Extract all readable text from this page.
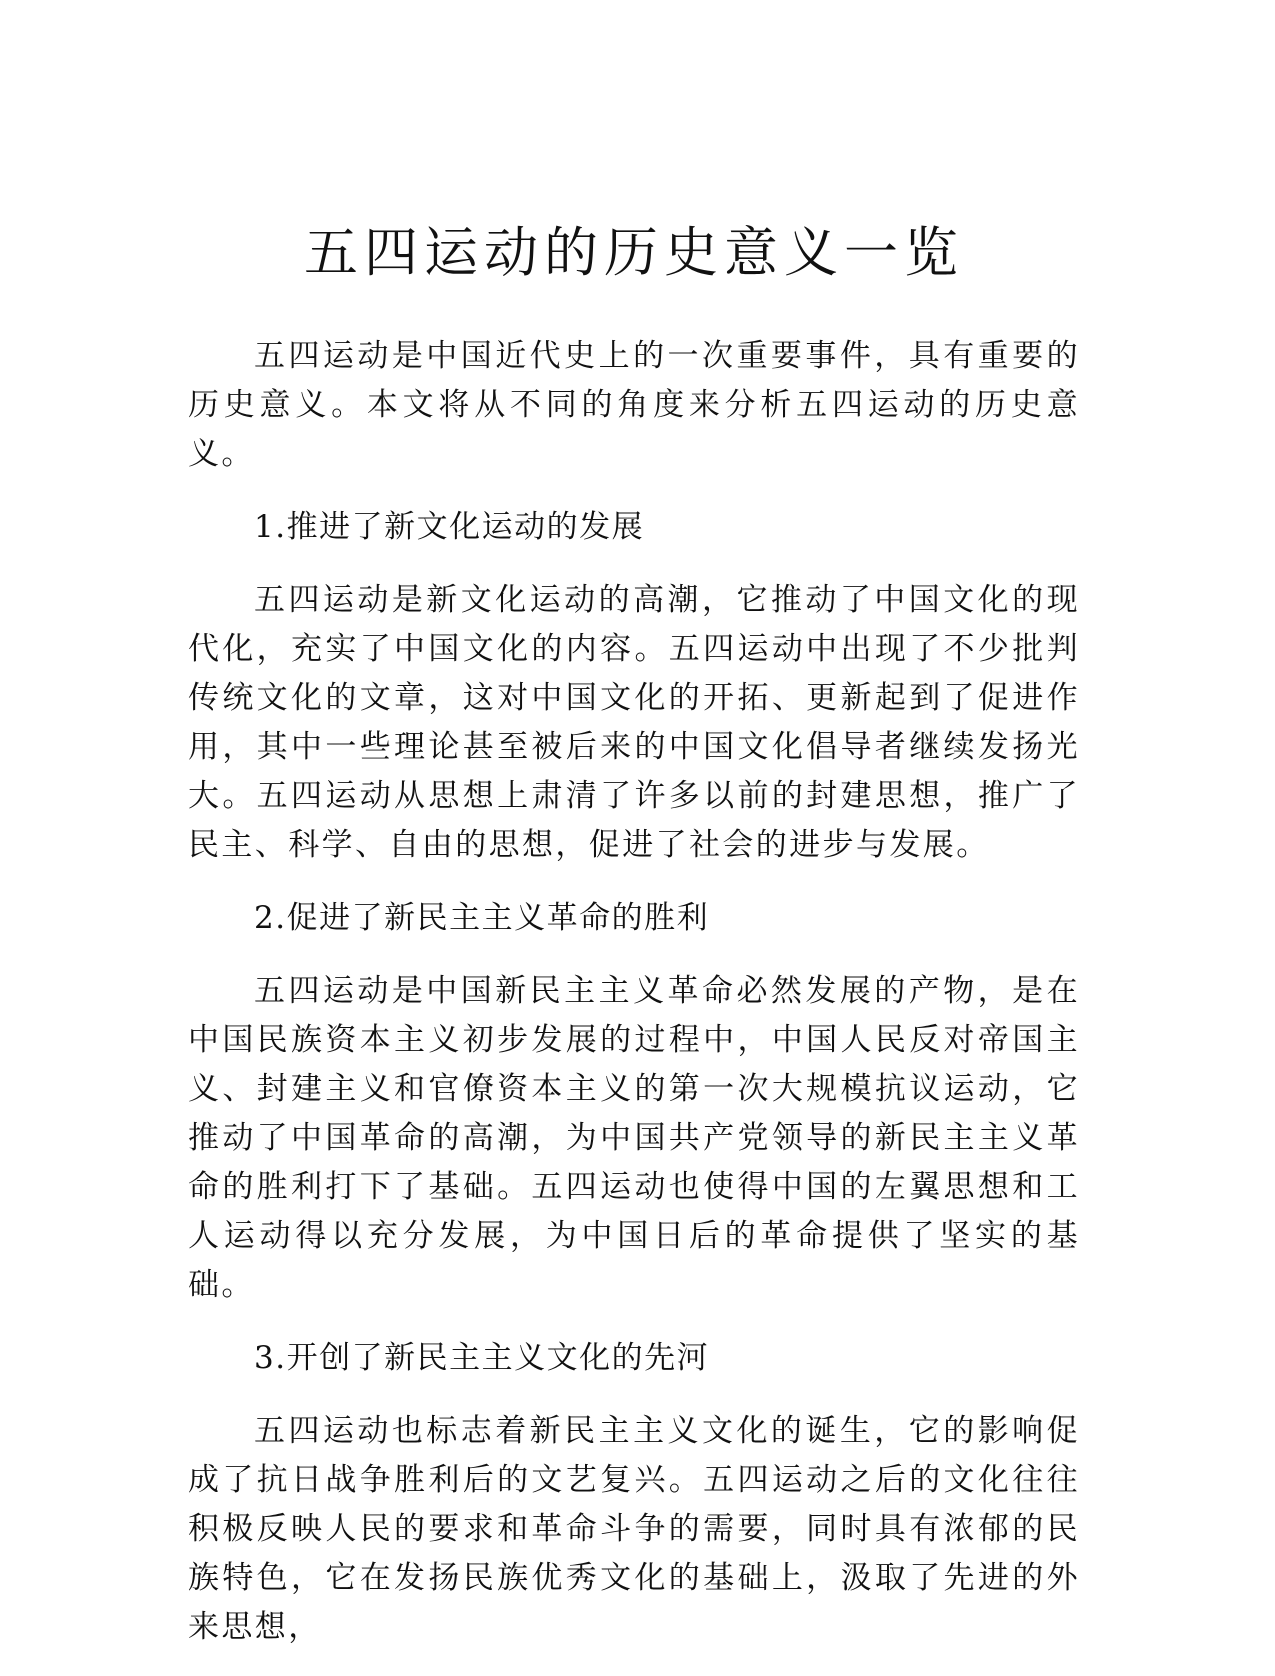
五四运动的历史意义一览

五四运动是中国近代史上的一次重要事件，具有重要的历史意义。本文将从不同的角度来分析五四运动的历史意义。

1.推进了新文化运动的发展

五四运动是新文化运动的高潮，它推动了中国文化的现代化，充实了中国文化的内容。五四运动中出现了不少批判传统文化的文章，这对中国文化的开拓、更新起到了促进作用，其中一些理论甚至被后来的中国文化倡导者继续发扬光大。五四运动从思想上肃清了许多以前的封建思想，推广了民主、科学、自由的思想，促进了社会的进步与发展。

2.促进了新民主主义革命的胜利

五四运动是中国新民主主义革命必然发展的产物，是在中国民族资本主义初步发展的过程中，中国人民反对帝国主义、封建主义和官僚资本主义的第一次大规模抗议运动，它推动了中国革命的高潮，为中国共产党领导的新民主主义革命的胜利打下了基础。五四运动也使得中国的左翼思想和工人运动得以充分发展，为中国日后的革命提供了坚实的基础。

3.开创了新民主主义文化的先河

五四运动也标志着新民主主义文化的诞生，它的影响促成了抗日战争胜利后的文艺复兴。五四运动之后的文化往往积极反映人民的要求和革命斗争的需要，同时具有浓郁的民族特色，它在发扬民族优秀文化的基础上，汲取了先进的外来思想，
